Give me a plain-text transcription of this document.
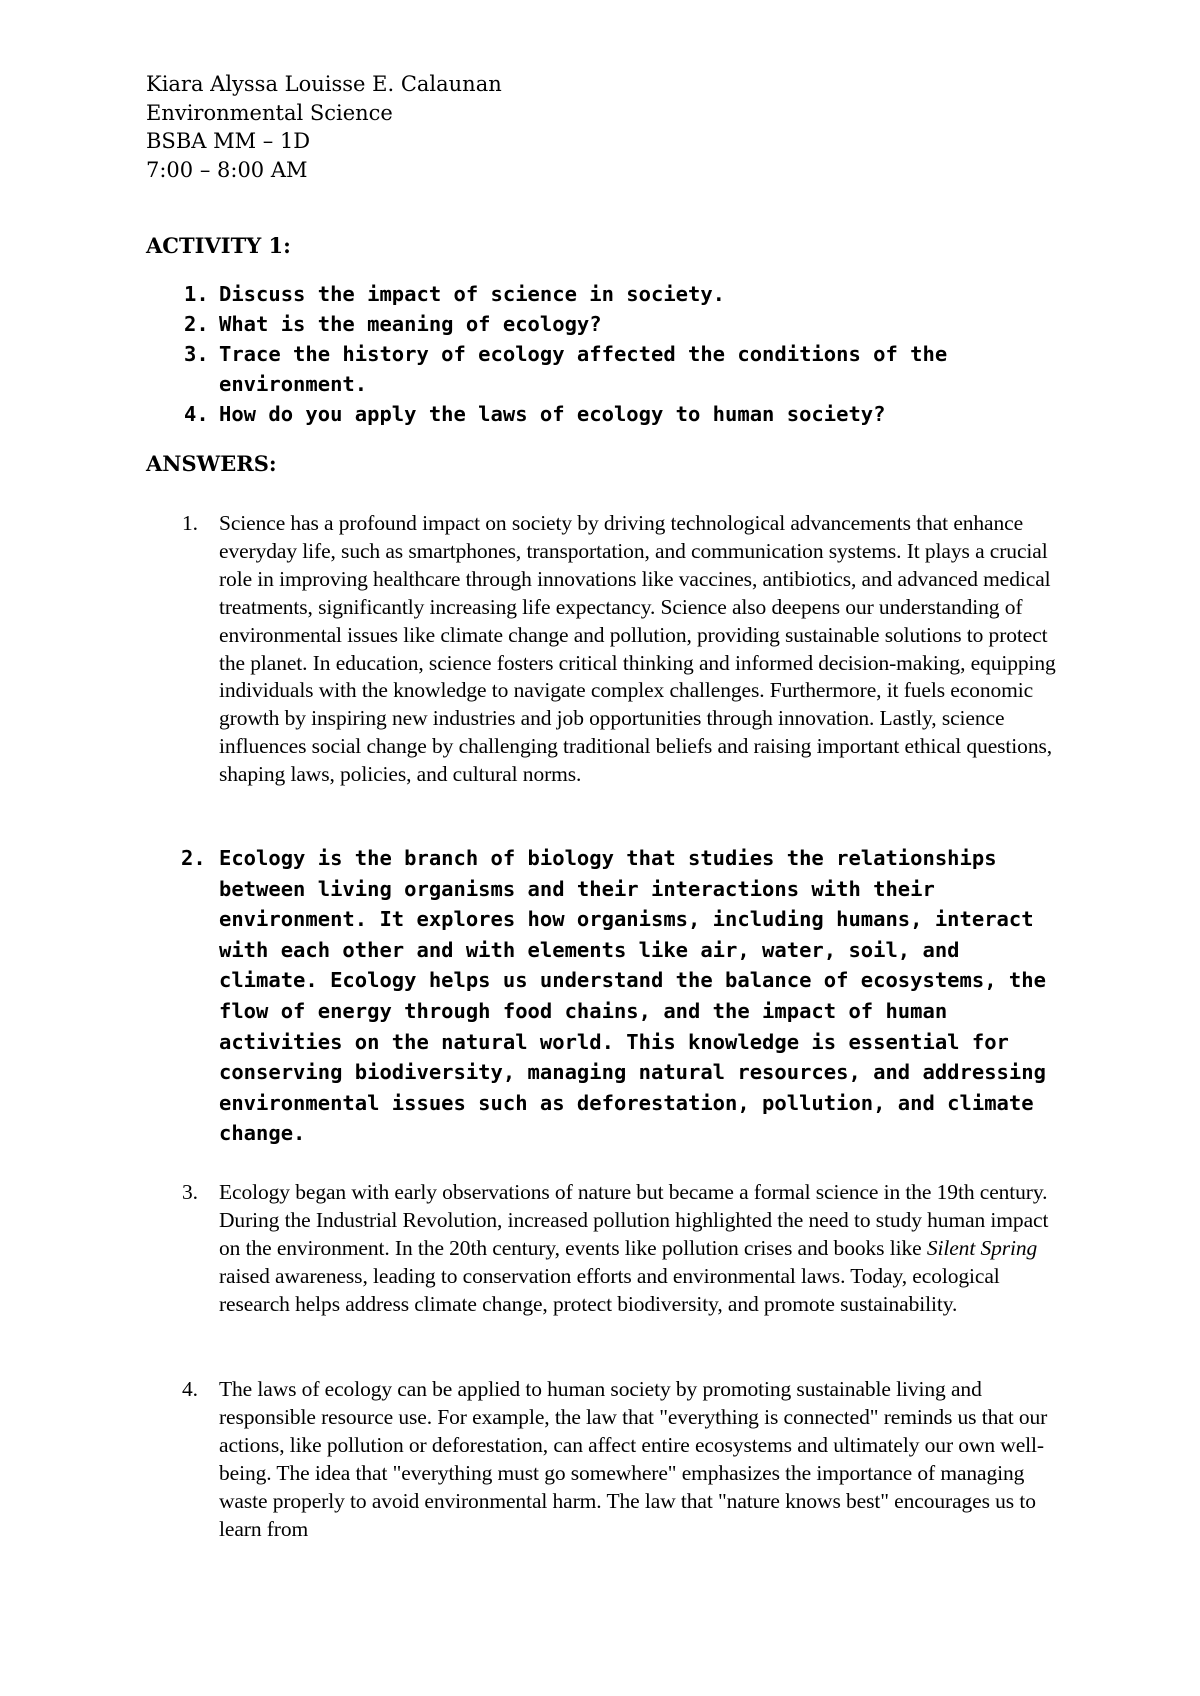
Kiara Alyssa Louisse E. Calaunan
Environmental Science
BSBA MM – 1D
7:00 – 8:00 AM
ACTIVITY 1:
1. Discuss the impact of science in society.
2. What is the meaning of ecology?
3. Trace the history of ecology affected the conditions of the environment.
4. How do you apply the laws of ecology to human society?
ANSWERS:
1. Science has a profound impact on society by driving technological advancements that enhance everyday life, such as smartphones, transportation, and communication systems. It plays a crucial role in improving healthcare through innovations like vaccines, antibiotics, and advanced medical treatments, significantly increasing life expectancy. Science also deepens our understanding of environmental issues like climate change and pollution, providing sustainable solutions to protect the planet. In education, science fosters critical thinking and informed decision-making, equipping individuals with the knowledge to navigate complex challenges. Furthermore, it fuels economic growth by inspiring new industries and job opportunities through innovation. Lastly, science influences social change by challenging traditional beliefs and raising important ethical questions, shaping laws, policies, and cultural norms.

2. Ecology is the branch of biology that studies the relationships between living organisms and their interactions with their environment. It explores how organisms, including humans, interact with each other and with elements like air, water, soil, and climate. Ecology helps us understand the balance of ecosystems, the flow of energy through food chains, and the impact of human activities on the natural world. This knowledge is essential for conserving biodiversity, managing natural resources, and addressing environmental issues such as deforestation, pollution, and climate change.

3. Ecology began with early observations of nature but became a formal science in the 19th century. During the Industrial Revolution, increased pollution highlighted the need to study human impact on the environment. In the 20th century, events like pollution crises and books like Silent Spring raised awareness, leading to conservation efforts and environmental laws. Today, ecological research helps address climate change, protect biodiversity, and promote sustainability.

4. The laws of ecology can be applied to human society by promoting sustainable living and responsible resource use. For example, the law that "everything is connected" reminds us that our actions, like pollution or deforestation, can affect entire ecosystems and ultimately our own well-being. The idea that "everything must go somewhere" emphasizes the importance of managing waste properly to avoid environmental harm. The law that "nature knows best" encourages us to learn from
